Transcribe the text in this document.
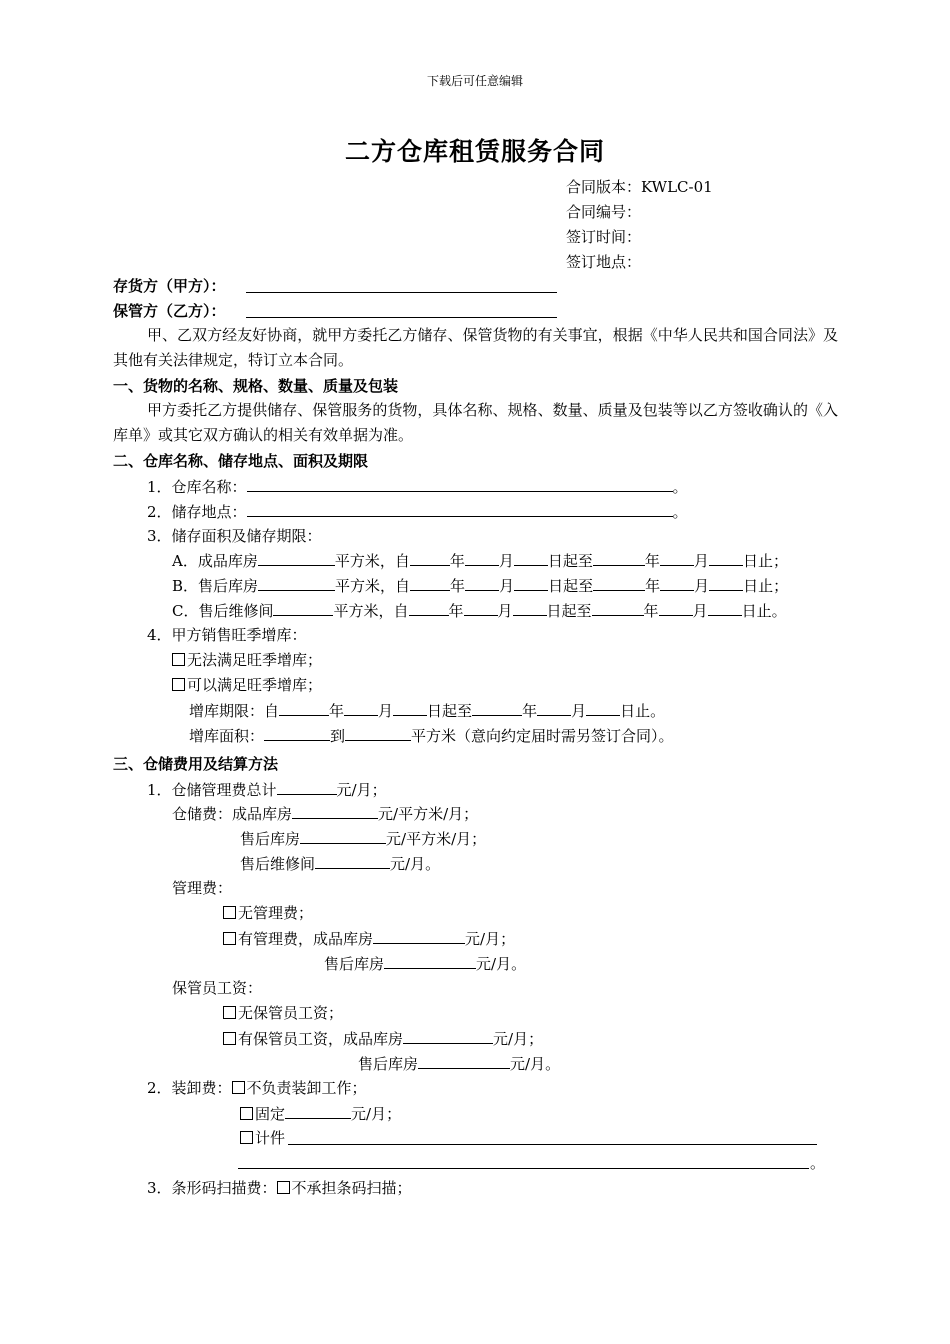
下载后可任意编辑
二方仓库租赁服务合同
合同版本：KWLC-01
合同编号：
签订时间：
签订地点：
存货方（甲方）：
保管方（乙方）：
甲、乙双方经友好协商，就甲方委托乙方储存、保管货物的有关事宜，根据《中华人民共和国合同法》及其他有关法律规定，特订立本合同。
一、货物的名称、规格、数量、质量及包装
甲方委托乙方提供储存、保管服务的货物，具体名称、规格、数量、质量及包装等以乙方签收确认的《入库单》或其它双方确认的相关有效单据为准。
二、仓库名称、储存地点、面积及期限
1．仓库名称：	。
2．储存地点：	。
3．储存面积及储存期限：
A．成品库房	平方米，自	年 月 日起至	年 月 日止；
B．售后库房	平方米，自	年 月 日起至	年 月 日止；
C．售后维修间	平方米，自	年 月 日起至	年 月 日止。
4．甲方销售旺季增库：
无法满足旺季增库；
可以满足旺季增库；
增库期限：自	年 月 日起至	年 月 日止。
增库面积：	到	平方米（意向约定届时需另签订合同）。
三、仓储费用及结算方法
1．仓储管理费总计	元/月；
仓储费：成品库房	元/平方米/月；
售后库房	元/平方米/月；
售后维修间	元/月。
管理费：
无管理费；
有管理费，成品库房	元/月；
售后库房	元/月。
保管员工资：
无保管员工资；
有保管员工资，成品库房	元/月；
售后库房	元/月。
2．装卸费： 不负责装卸工作；
固定	元/月；
计件
。
3．条形码扫描费： 不承担条码扫描；
